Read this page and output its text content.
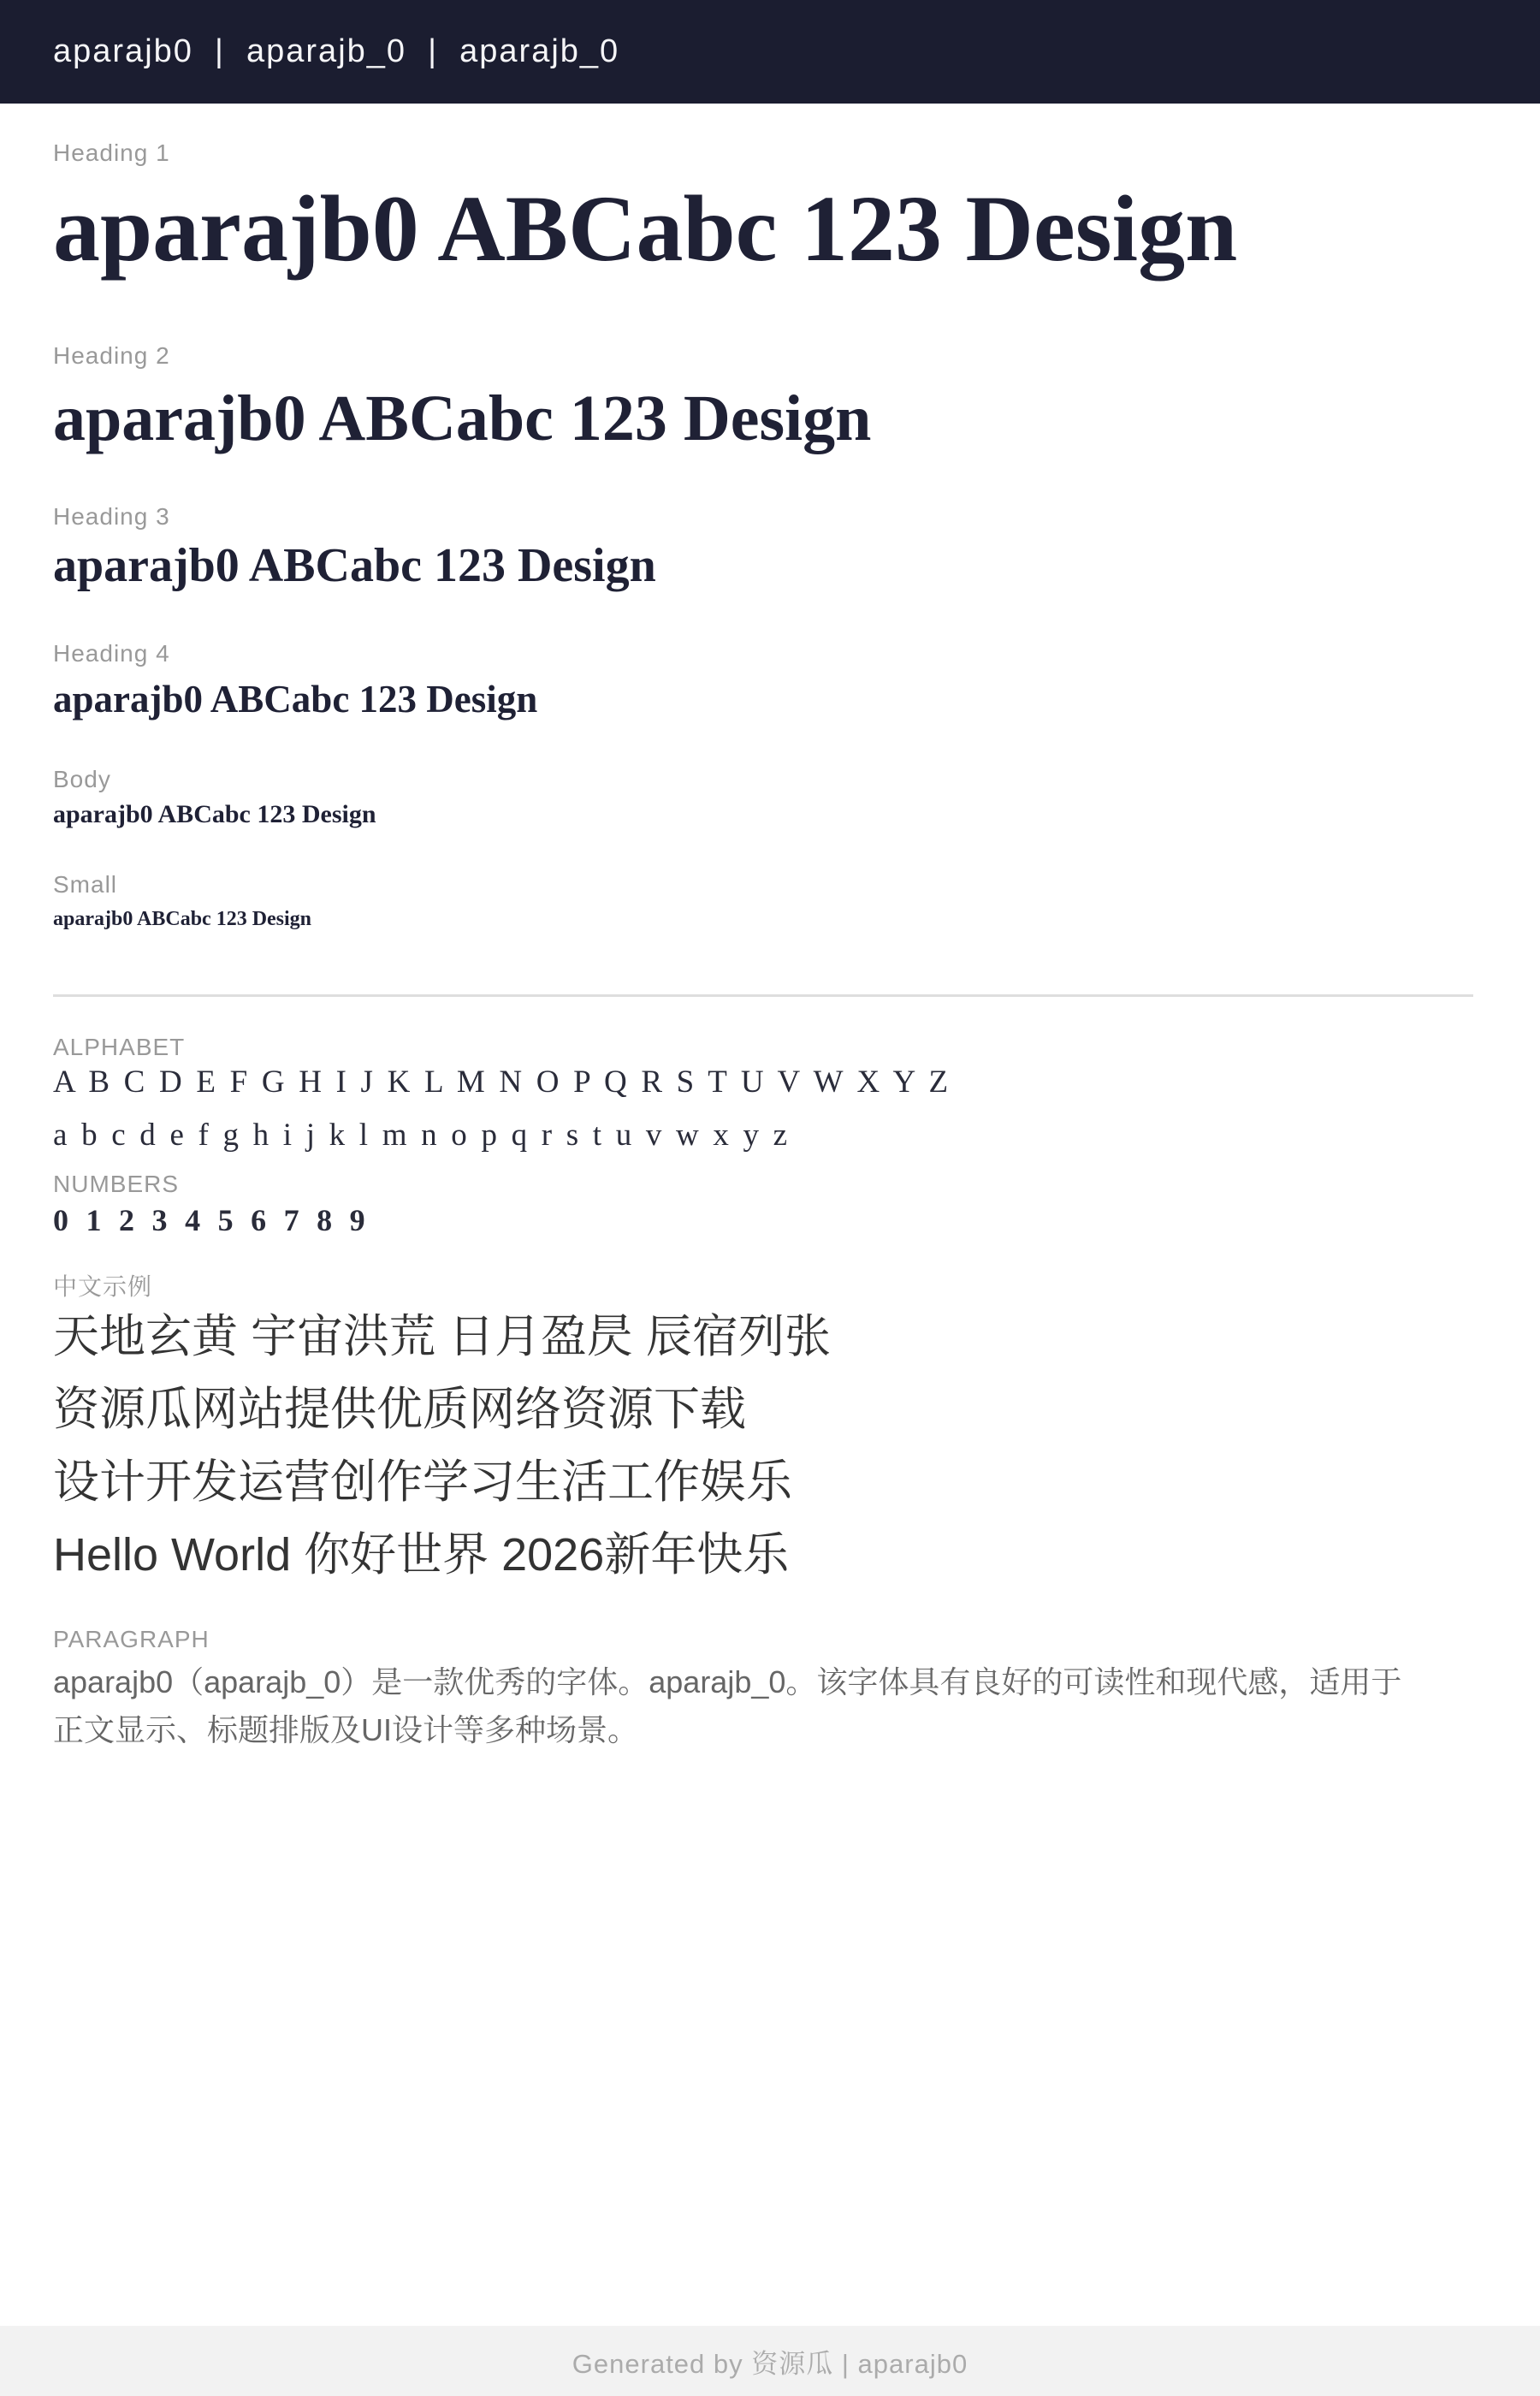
aparajb0  |  aparajb_0  |  aparajb_0
Heading 1
aparajb0 ABCabc 123 Design
Heading 2
aparajb0 ABCabc 123 Design
Heading 3
aparajb0 ABCabc 123 Design
Heading 4
aparajb0 ABCabc 123 Design
Body
aparajb0 ABCabc 123 Design
Small
aparajb0 ABCabc 123 Design
ALPHABET
A B C D E F G H I J K L M N O P Q R S T U V W X Y Z
a b c d e f g h i j k l m n o p q r s t u v w x y z
NUMBERS
0 1 2 3 4 5 6 7 8 9
中文示例
天地玄黄 宇宙洪荒 日月盈昃 辰宿列张
资源瓜网站提供优质网络资源下载
设计开发运营创作学习生活工作娱乐
Hello World 你好世界 2026新年快乐
PARAGRAPH
aparajb0（aparajb_0）是一款优秀的字体。aparajb_0。该字体具有良好的可读性和现代感，适用于正文显示、标题排版及UI设计等多种场景。
Generated by 资源瓜 | aparajb0
